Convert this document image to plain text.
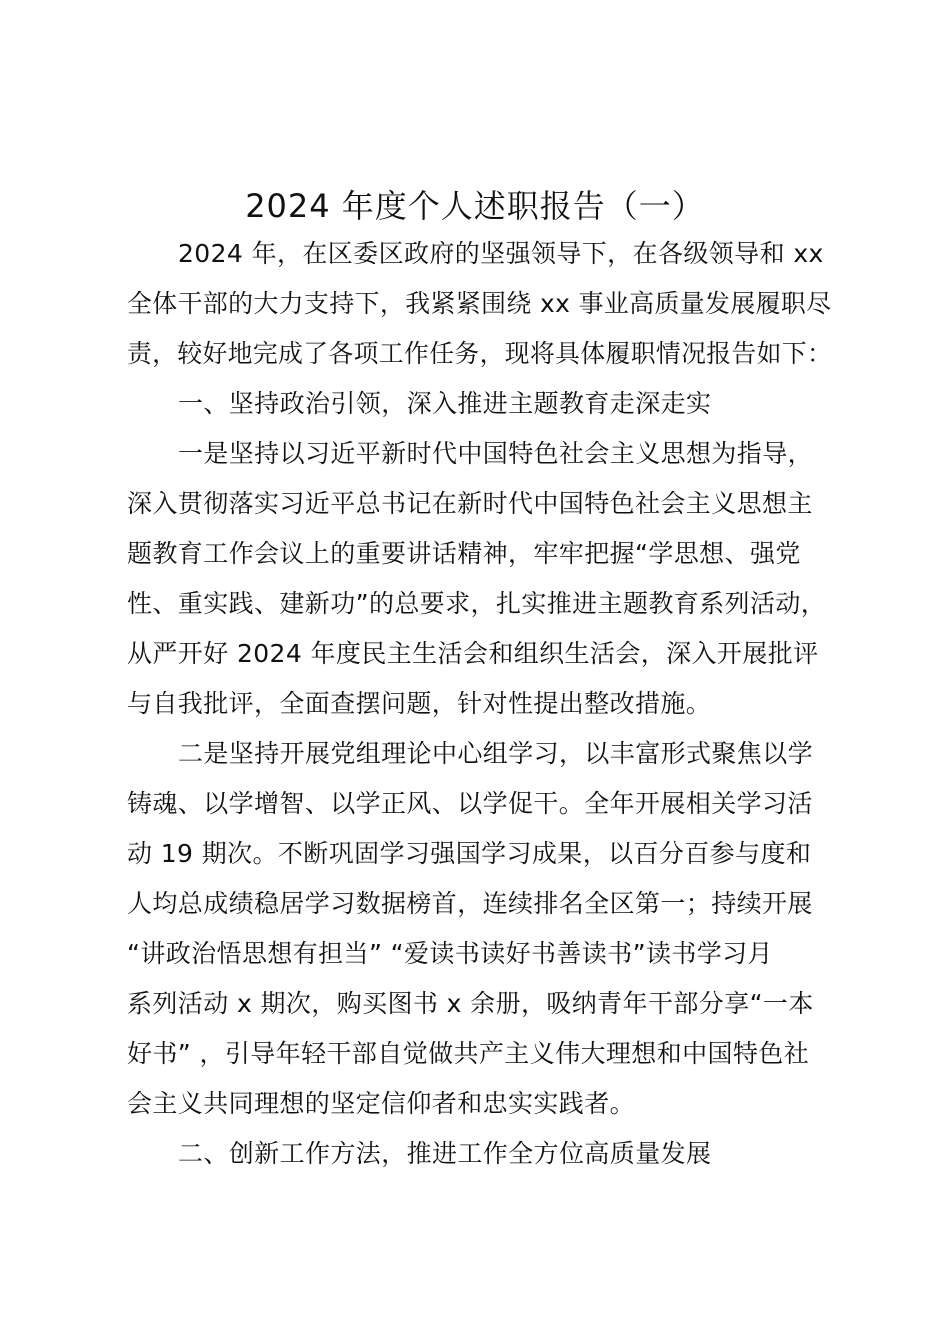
2024 年度个人述职报告（一）
2024 年，在区委区政府的坚强领导下，在各级领导和 xx
全体干部的大力支持下，我紧紧围绕 xx 事业高质量发展履职尽
责，较好地完成了各项工作任务，现将具体履职情况报告如下：
一、坚持政治引领，深入推进主题教育走深走实
一是坚持以习近平新时代中国特色社会主义思想为指导，
深入贯彻落实习近平总书记在新时代中国特色社会主义思想主
题教育工作会议上的重要讲话精神，牢牢把握“学思想、强党
性、重实践、建新功”的总要求，扎实推进主题教育系列活动，
从严开好 2024 年度民主生活会和组织生活会，深入开展批评
与自我批评，全面查摆问题，针对性提出整改措施。
二是坚持开展党组理论中心组学习，以丰富形式聚焦以学
铸魂、以学增智、以学正风、以学促干。全年开展相关学习活
动 19 期次。不断巩固学习强国学习成果，以百分百参与度和
人均总成绩稳居学习数据榜首，连续排名全区第一；持续开展
“讲政治悟思想有担当” “爱读书读好书善读书”读书学习月
系列活动 x 期次，购买图书 x 余册，吸纳青年干部分享“一本
好书” ，引导年轻干部自觉做共产主义伟大理想和中国特色社
会主义共同理想的坚定信仰者和忠实实践者。
二、创新工作方法，推进工作全方位高质量发展
